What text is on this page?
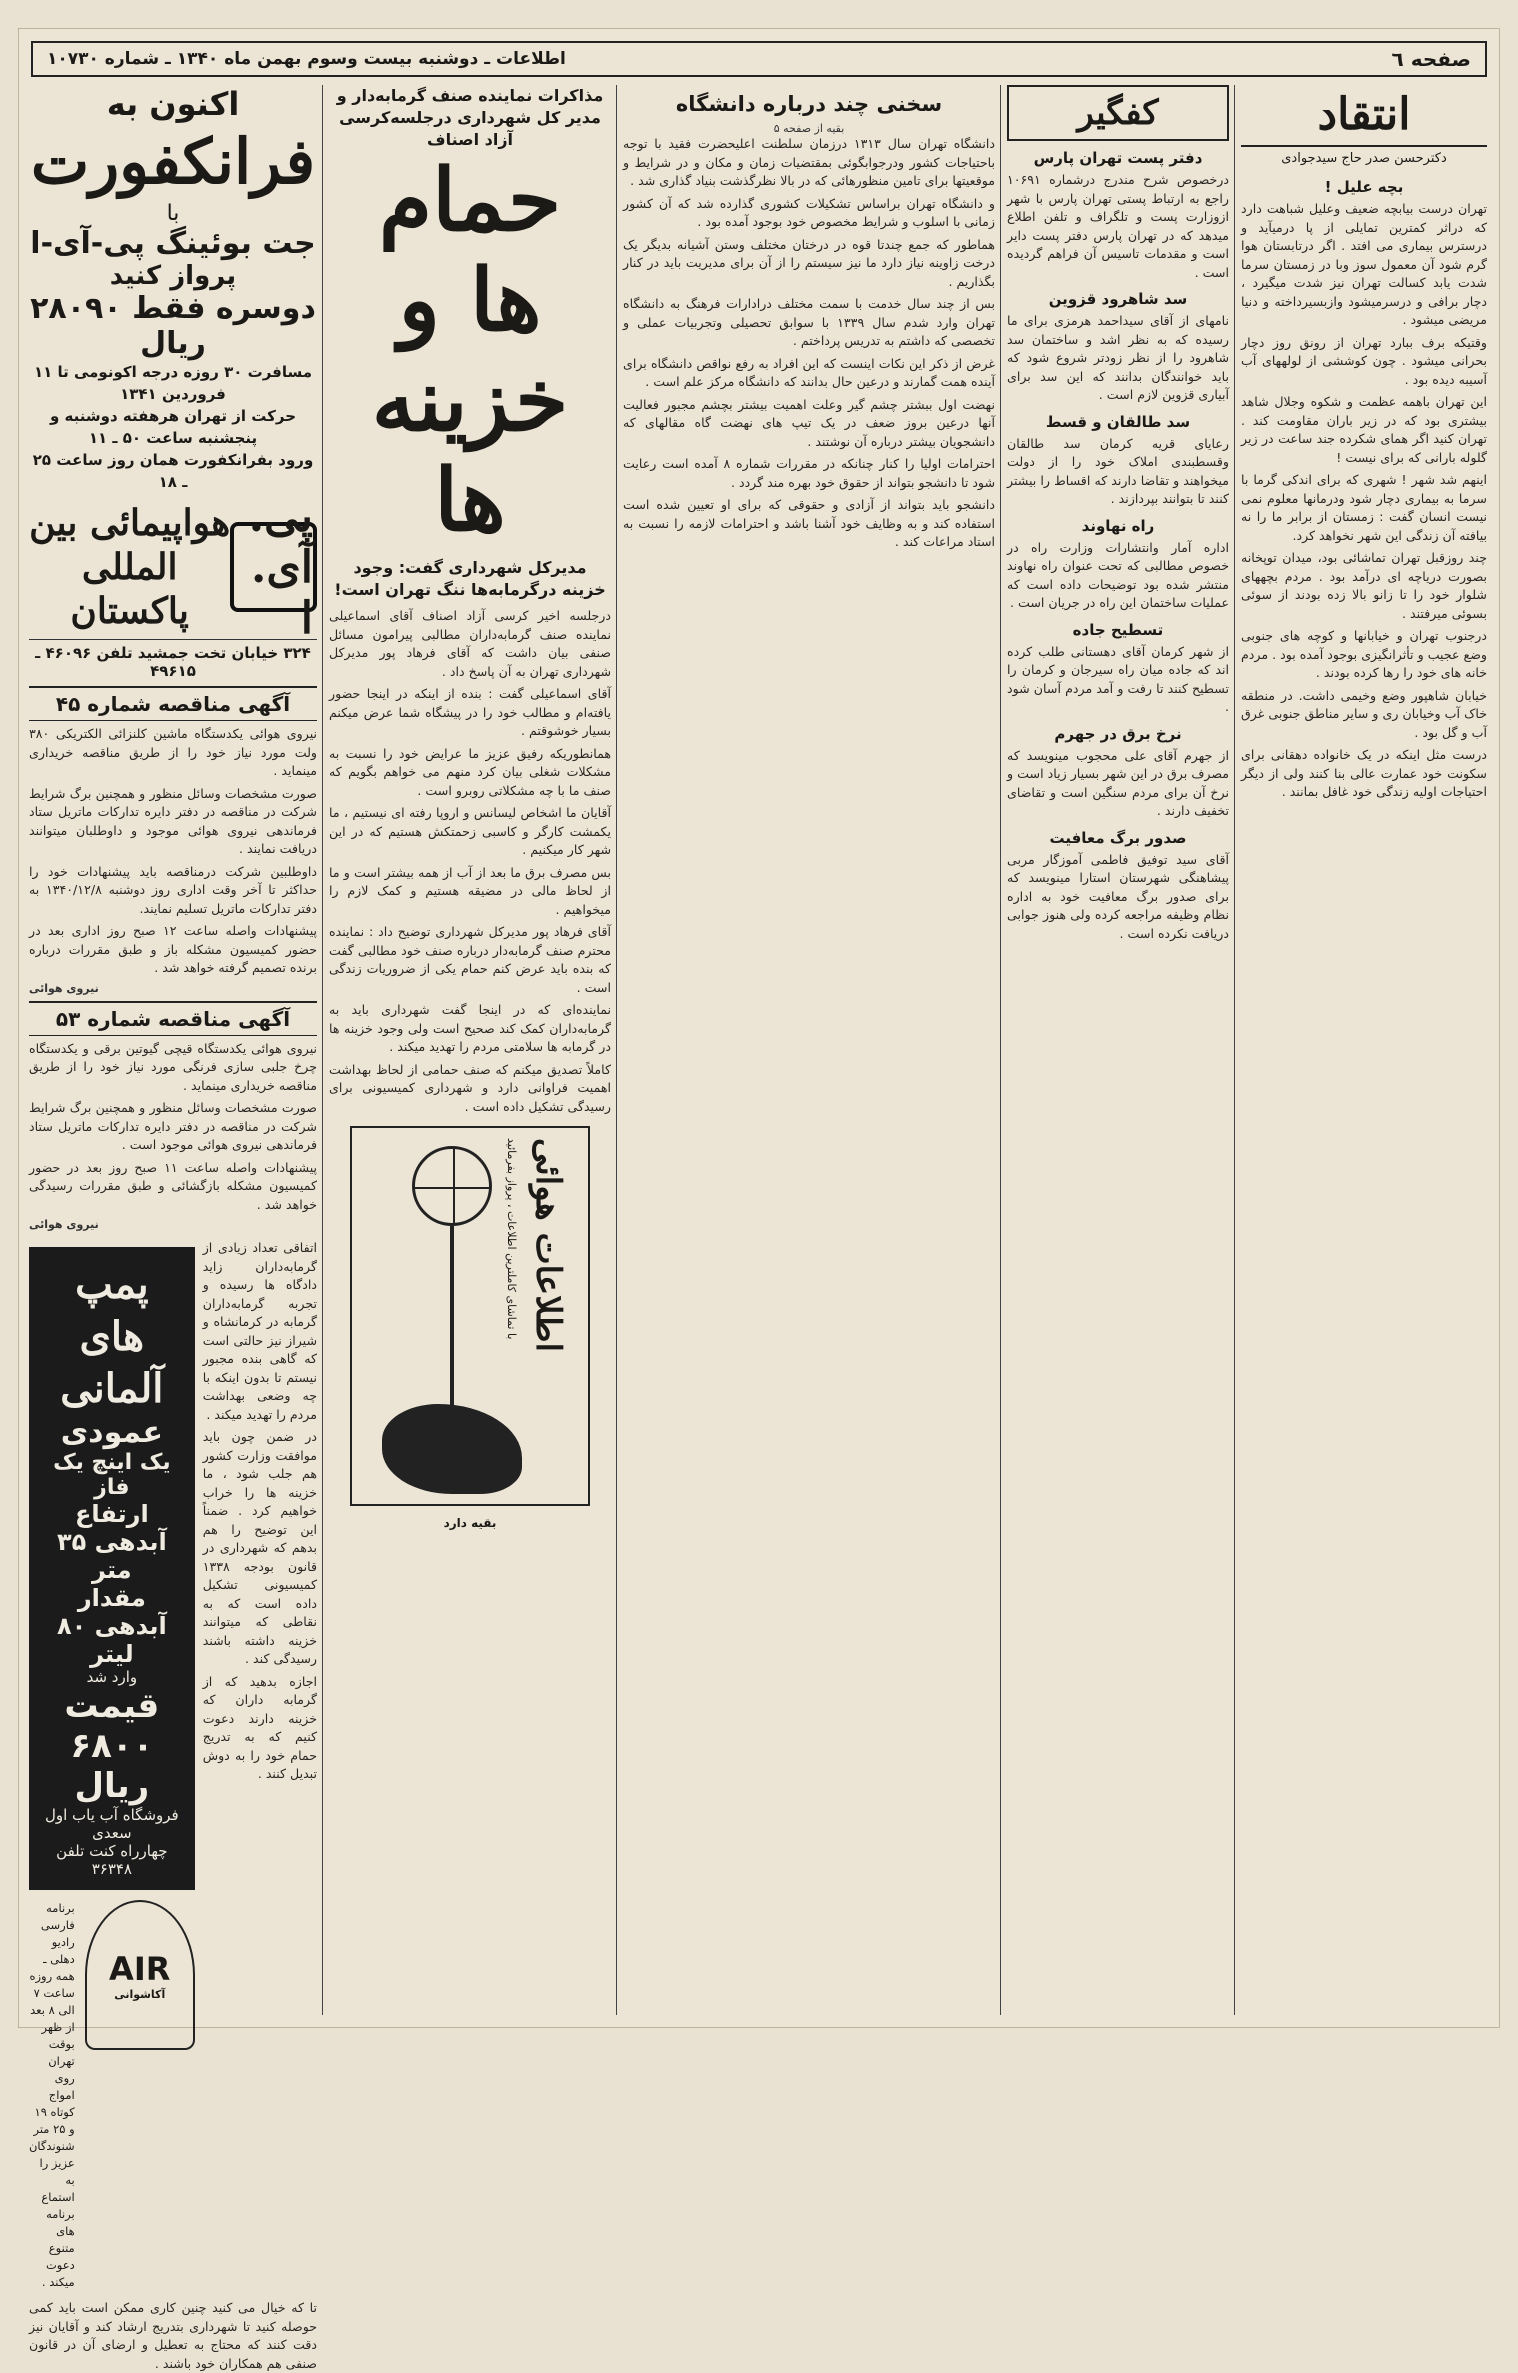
صفحه ٦
اطلاعات ـ دوشنبه بیست وسوم بهمن ماه ۱۳۴۰ ـ شماره ۱۰۷۳۰
انتقاد
دکترحسن صدر حاج سیدجوادی
بچه علیل !

تهران درست بیابچه ضعیف وعلیل شباهت دارد که دراثر کمترین تمایلی از پا درمیآید و درسترس بیماری می افتد . اگر درتابستان هوا گرم شود آن معمول سوز وبا در زمستان سرما شدت یابد کسالت تهران نیز شدت میگیرد ، دچار برافی و درسرمیشود وازبسیرداخته و دنیا مریضی میشود .

وقتیکه برف ببارد تهران از رونق روز دچار بحرانی میشود . چون کوششی از لولههای آب آسیبه دیده بود .

این تهران باهمه عظمت و شکوه وجلال شاهد بیشتری بود که در زیر باران مقاومت کند . تهران کنید اگر همای شکرده جند ساعت در زیر گلوله بارانی که برای نیست !

اینهم شد شهر ! شهری که برای اندکی گرما با سرما به بیماری دچار شود ودرمانها معلوم نمی نیست انسان گفت : زمستان از برابر ما را نه بیافته آن زندگی این شهر نخواهد کرد.

چند روزقبل تهران تماشائی بود، میدان توپخانه بصورت دریاچه ای درآمد بود . مردم بچههای شلوار خود را تا زانو بالا زده بودند از سوئی بسوئی میرفتند .

درجنوب تهران و خیابانها و کوچه های جنوبی وضع عجیب و تأثرانگیزی بوجود آمده بود . مردم خانه های خود را رها کرده بودند .

خیابان شاهپور وضع وخیمی داشت. در منطقه خاک آب وخیابان ری و سایر مناطق جنوبی غرق آب و گل بود .

درست مثل اینکه در یک خانواده دهقانی برای سکونت خود عمارت عالی بنا کنند ولی از دیگر احتیاجات اولیه زندگی خود غافل بمانند .

کفگیر
دفتر پست تهران پارس

درخصوص شرح مندرج درشماره ۱۰۶۹۱ راجع به ارتباط پستی تهران پارس با شهر ازوزارت پست و تلگراف و تلفن اطلاع میدهد که در تهران پارس دفتر پست دایر است و مقدمات تاسیس آن فراهم گردیده است .

سد شاهرود قزوین

نامهای از آقای سیداحمد هرمزی برای ما رسیده که به نظر اشد و ساختمان سد شاهرود را از نظر زودتر شروع شود که باید خوانندگان بدانند که این سد برای آبیاری قزوین لازم است .

سد طالقان و قسط

رعایای قریه کرمان سد طالقان وقسطبندی املاک خود را از دولت میخواهند و تقاضا دارند که اقساط را بیشتر کنند تا بتوانند بپردازند .

راه نهاوند

اداره آمار وانتشارات وزارت راه در خصوص مطالبی که تحت عنوان راه نهاوند منتشر شده بود توضیحات داده است که عملیات ساختمان این راه در جریان است .

تسطیح جاده

از شهر کرمان آقای دهستانی طلب کرده اند که جاده میان راه سیرجان و کرمان را تسطیح کنند تا رفت و آمد مردم آسان شود .

نرخ برق در جهرم

از جهرم آقای علی محجوب مینویسد که مصرف برق در این شهر بسیار زیاد است و نرخ آن برای مردم سنگین است و تقاضای تخفیف دارند .

صدور برگ معافیت

آقای سید توفیق فاطمی آموزگار مربی پیشاهنگی شهرستان استارا مینویسد که برای صدور برگ معافیت خود به اداره نظام وظیفه مراجعه کرده ولی هنوز جوابی دریافت نکرده است .

سخنی چند درباره دانشگاه
بقیه از صفحه ۵

دانشگاه تهران سال ۱۳۱۳ درزمان سلطنت اعلیحضرت فقید با توجه باحتیاجات کشور ودرجوابگوئی بمقتضیات زمان و مکان و در شرایط و موقعیتها برای تامین منظورهائی که در بالا نظرگذشت بنیاد گذاری شد .

و دانشگاه تهران براساس تشکیلات کشوری گذارده شد که آن کشور زمانی با اسلوب و شرایط مخصوص خود بوجود آمده بود .

هماطور که جمع چندتا قوه در درختان مختلف وستن آشیانه بدیگر یک درخت زاوینه نیاز دارد ما نیز سیستم را از آن برای مدیریت باید در کنار بگذاریم .

بس از چند سال خدمت با سمت مختلف درادارات فرهنگ به دانشگاه تهران وارد شدم سال ۱۳۳۹ با سوابق تحصیلی وتجربیات عملی و تخصصی که داشتم به تدریس پرداختم .

غرض از ذکر این نکات اینست که این افراد به رفع نواقص دانشگاه برای آینده همت گمارند و درعین حال بدانند که دانشگاه مرکز علم است .

نهضت اول ببشتر چشم گیر وعلت اهمیت بیشتر بچشم مجبور فعالیت آنها درعین بروز ضعف در یک تیپ های نهضت گاه مقالهای که دانشجویان بیشتر درباره آن نوشتند .

احترامات اولیا را کنار چنانکه در مقررات شماره ۸ آمده است رعایت شود تا دانشجو بتواند از حقوق خود بهره مند گردد .

دانشجو باید بتواند از آزادی و حقوقی که برای او تعیین شده است استفاده کند و به وظایف خود آشنا باشد و احترامات لازمه را نسبت به استاد مراعات کند .

مذاکرات نماینده صنف گرمابه‌دار و مدیر کل شهرداری درجلسه‌کرسی آزاد اصناف
حمام ها و
خزینه ها
مدیرکل شهرداری گفت: وجود خزینه درگرمابه‌ها ننگ تهران است!

درجلسه اخیر کرسی آزاد اصناف آقای اسماعیلی نماینده صنف گرمابه‌داران مطالبی پیرامون مسائل صنفی بیان داشت که آقای فرهاد پور مدیرکل شهرداری تهران به آن پاسخ داد .

آقای اسماعیلی گفت : بنده از اینکه در اینجا حضور یافته‌ام و مطالب خود را در پیشگاه شما عرض میکنم بسیار خوشوقتم .

همانطوریکه رفیق عزیز ما عرایض خود را نسبت به مشکلات شغلی بیان کرد منهم می خواهم بگویم که صنف ما با چه مشکلاتی روبرو است .

آقایان ما اشخاص لیسانس و اروپا رفته ای نیستیم ، ما یکمشت کارگر و کاسبی زحمتکش هستیم که در این شهر کار میکنیم .

بس مصرف برق ما بعد از آب از همه بیشتر است و ما از لحاظ مالی در مضیقه هستیم و کمک لازم را میخواهیم .

آقای فرهاد پور مدیرکل شهرداری توضیح داد : نماینده محترم صنف گرمابه‌دار درباره صنف خود مطالبی گفت که بنده باید عرض کنم حمام یکی از ضروریات زندگی است .

نماینده‌ای که در اینجا گفت شهرداری باید به گرمابه‌داران کمک کند صحیح است ولی وجود خزینه ها در گرمابه ها سلامتی مردم را تهدید میکند .

کاملاً تصدیق میکنم که صنف حمامی از لحاظ بهداشت اهمیت فراوانی دارد و شهرداری کمیسیونی برای رسیدگی تشکیل داده است .

اطلاعات هوائی
با تماشای کاملترین اطلاعات ، پرواز بفرمائید
بقیه دارد
اکنون به
فرانکفورت
با
جت بوئینگ پی-آی-ا
پرواز کنید
دوسره فقط ۲۸۰۹۰ ریال
مسافرت ۳۰ روزه درجه اکونومی تا ۱۱ فروردین ۱۳۴۱
حرکت از تهران هرهفته دوشنبه و پنجشنبه ساعت ۵۰ ـ ۱۱
ورود بفرانکفورت همان روز ساعت ۲۵ ـ ۱۸
پی. آی. ا
هواپیمائی بین المللی پاکستان
۳۲۴ خیابان تخت جمشید تلفن ۴۶۰۹۶ ـ ۴۹۶۱۵
آگهی مناقصه شماره ۴۵

نیروی هوائی یکدستگاه ماشین کلنزائی الکتریکی ۳۸۰ ولت مورد نیاز خود را از طریق مناقصه خریداری مینماید .

صورت مشخصات وسائل منظور و همچنین برگ شرایط شرکت در مناقصه در دفتر دایره تدارکات ماتریل ستاد فرماندهی نیروی هوائی موجود و داوطلبان میتوانند دریافت نمایند .

داوطلبین شرکت درمناقصه باید پیشنهادات خود را حداکثر تا آخر وقت اداری روز دوشنبه ۱۳۴۰/۱۲/۸ به دفتر تدارکات ماتریل تسلیم نمایند.

پیشنهادات واصله ساعت ۱۲ صبح روز اداری بعد در حضور کمیسیون مشکله باز و طبق مقررات درباره برنده تصمیم گرفته خواهد شد .

نیروی هوائی
آگهی مناقصه شماره ۵۳

نیروی هوائی یکدستگاه قیچی گیوتین برقی و یکدستگاه چرخ جلبی سازی فرنگی مورد نیاز خود را از طریق مناقصه خریداری مینماید .

صورت مشخصات وسائل منظور و همچنین برگ شرایط شرکت در مناقصه در دفتر دایره تدارکات ماتریل ستاد فرماندهی نیروی هوائی موجود است .

پیشنهادات واصله ساعت ۱۱ صبح روز بعد در حضور کمیسیون مشکله بازگشائی و طبق مقررات رسیدگی خواهد شد .

نیروی هوائی

اتفاقی تعداد زیادی از گرمابه‌داران زاید دادگاه ها رسیده و تجربه گرمابه‌داران گرمابه در کرمانشاه و شیراز نیز حالتی است که گاهی بنده مجبور نیستم تا بدون اینکه با چه وضعی بهداشت مردم را تهدید میکند .

در ضمن چون باید موافقت وزارت کشور هم جلب شود ، ما خزینه ها را خراب خواهیم کرد . ضمناً این توضیح را هم بدهم که شهرداری در قانون بودجه ۱۳۳۸ کمیسیونی تشکیل داده است که به نقاطی که میتوانند خزینه داشته باشند رسیدگی کند .

اجازه بدهید که از گرمابه داران که خزینه دارند دعوت کنیم که به تدریج حمام خود را به دوش تبدیل کنند .

پمپ های آلمانی
عمودی
یک اینچ یک فاز
ارتفاع آبدهی ۳۵ متر
مقدار آبدهی ۸۰ لیتر
وارد شد
قیمت ۶۸۰۰ ریال
فروشگاه آب یاب اول سعدی
چهارراه کنت تلفن ۳۶۳۴۸
AIR
آکاشوانی
برنامه فارسی رادیو دهلی ـ همه روزه ساعت ۷ الی ۸ بعد از ظهر بوقت تهران روی امواج کوتاه ۱۹ و ۲۵ متر شنوندگان عزیز را به استماع برنامه های متنوع دعوت میکند .

تا که خیال می کنید چنین کاری ممکن است باید کمی حوصله کنید تا شهرداری بتدریج ارشاد کند و آقایان نیز دقت کنند که محتاج به تعطیل و ارضای آن در قانون صنفی هم همکاران خود باشند .
